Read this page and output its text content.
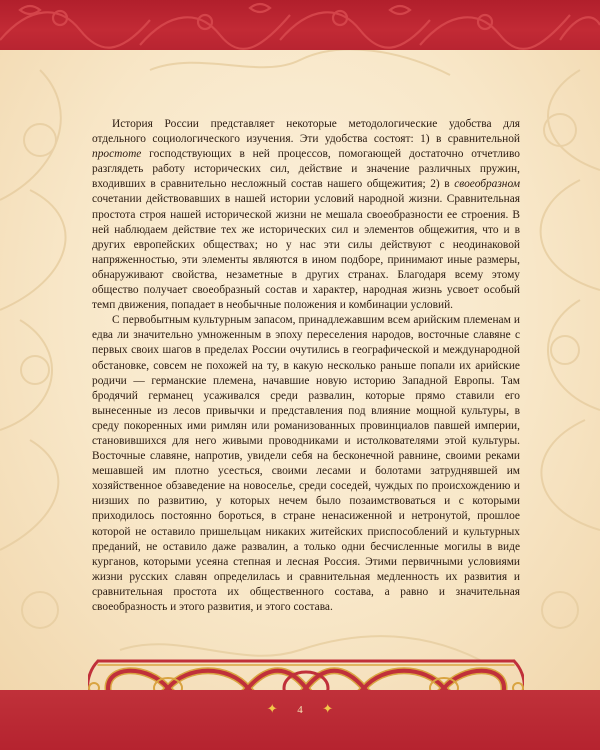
История России представляет некоторые методологические удобства для отдельного социологического изучения. Эти удобства состоят: 1) в сравнительной простоте господствующих в ней процессов, помогающей достаточно отчетливо разглядеть работу исторических сил, действие и значение различных пружин, входивших в сравнительно несложный состав нашего общежития; 2) в своеобразном сочетании действовавших в нашей истории условий народной жизни. Сравнительная простота строя нашей исторической жизни не мешала своеобразности ее строения. В ней наблюдаем действие тех же исторических сил и элементов общежития, что и в других европейских обществах; но у нас эти силы действуют с неодинаковой напряженностью, эти элементы являются в ином подборе, принимают иные размеры, обнаруживают свойства, незаметные в других странах. Благодаря всему этому общество получает своеобразный состав и характер, народная жизнь усвоет особый темп движения, попадает в необычные положения и комбинации условий.

С первобытным культурным запасом, принадлежавшим всем арийским племенам и едва ли значительно умноженным в эпоху переселения народов, восточные славяне с первых своих шагов в пределах России очутились в географической и международной обстановке, совсем не похожей на ту, в какую несколько раньше попали их арийские родичи — германские племена, начавшие новую историю Западной Европы. Там бродячий германец усаживался среди развалин, которые прямо ставили его вынесенные из лесов привычки и представления под влияние мощной культуры, в среду покоренных ими римлян или романизованных провинциалов павшей империи, становившихся для него живыми проводниками и истолкователями этой культуры. Восточные славяне, напротив, увидели себя на бесконечной равнине, своими реками мешавшей им плотно усесться, своими лесами и болотами затруднявшей им хозяйственное обзаведение на новоселье, среди соседей, чуждых по происхождению и низших по развитию, у которых нечем было позаимствоваться и с которыми приходилось постоянно бороться, в стране ненасиженной и нетронутой, прошлое которой не оставило пришельцам никаких житейских приспособлений и культурных преданий, не оставило даже развалин, а только одни бесчисленные могилы в виде курганов, которыми усеяна степная и лесная Россия. Этими первичными условиями жизни русских славян определилась и сравнительная медленность их развития и сравнительная простота их общественного состава, а равно и значительная своеобразность и этого развития, и этого состава.

✦ 4 ✦
